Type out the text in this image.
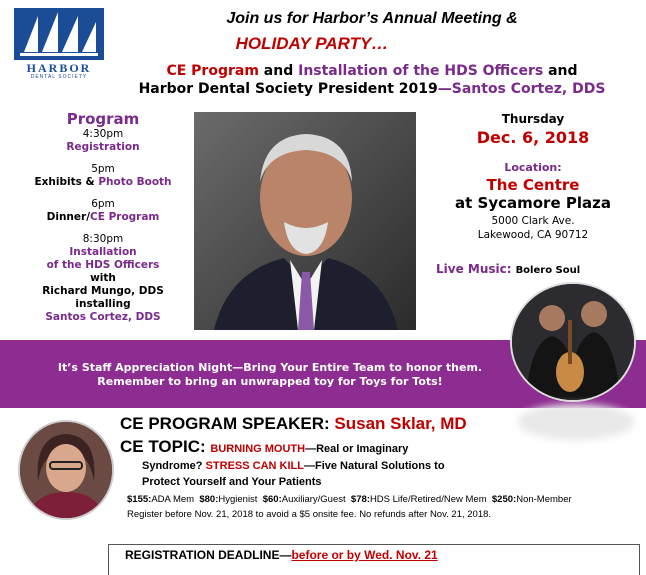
HARBOR
DENTAL SOCIETY
Join us for Harbor’s Annual Meeting &
HOLIDAY PARTY…
CE Program and Installation of the HDS Officers and
Harbor Dental Society President 2019—Santos Cortez, DDS
Program
4:30pm
Registration
5pm
Exhibits & Photo Booth
6pm
Dinner/CE Program
8:30pm
Installation
of the HDS Officers
with
Richard Mungo, DDS
installing
Santos Cortez, DDS
Thursday
Dec. 6, 2018
Location:
The Centre
at Sycamore Plaza
5000 Clark Ave.
Lakewood, CA 90712
Live Music: Bolero Soul
It’s Staff Appreciation Night—Bring Your Entire Team to honor them.
Remember to bring an unwrapped toy for Toys for Tots!
CE PROGRAM SPEAKER: Susan Sklar, MD
CE TOPIC: BURNING MOUTH—Real or Imaginary
Syndrome? STRESS CAN KILL—Five Natural Solutions to
Protect Yourself and Your Patients
$155:ADA Mem $80:Hygienist $60:Auxiliary/Guest $78:HDS Life/Retired/New Mem $250:Non-Member
Register before Nov. 21, 2018 to avoid a $5 onsite fee. No refunds after Nov. 21, 2018.
REGISTRATION DEADLINE—before or by Wed. Nov. 21
